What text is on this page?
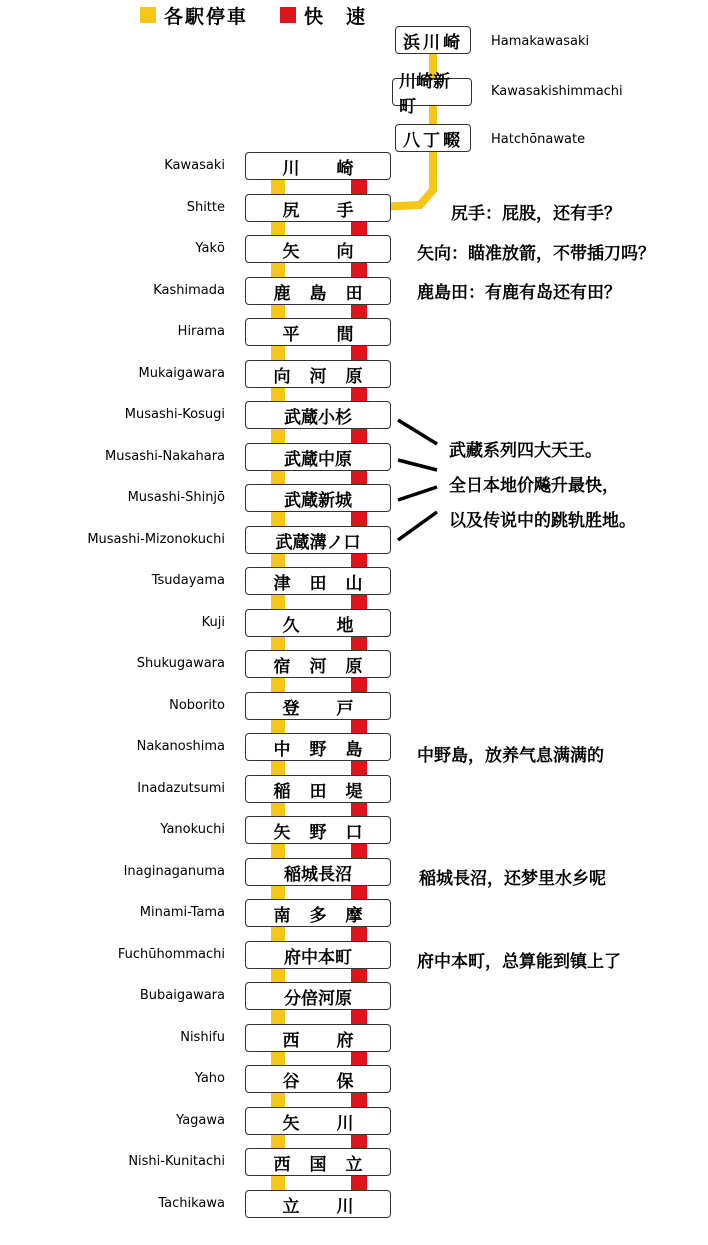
各駅停車	快　速
浜川崎	Hamakawasaki
川崎新町
Kawasakishimmachi
八丁畷	Hatchōnawate
川 崎
Kawasaki
尻 手
Shitte
矢 向
Yakō
鹿 島 田
Kashimada
平 間
Hirama
向 河 原
Mukaigawara
武蔵小杉
Musashi-Kosugi
武蔵中原
Musashi-Nakahara
武蔵新城
Musashi-Shinjō
武蔵溝ノ口
Musashi-Mizonokuchi
津 田 山
Tsudayama
久 地
Kuji
宿 河 原
Shukugawara
登 戸
Noborito
中 野 島
Nakanoshima
稲 田 堤
Inadazutsumi
矢 野 口
Yanokuchi
稲城長沼
Inaginaganuma
南 多 摩
Minami-Tama
府中本町
Fuchūhommachi
分倍河原
Bubaigawara
西 府
Nishifu
谷 保
Yaho
矢 川
Yagawa
西 国 立
Nishi-Kunitachi
立 川
Tachikawa
尻手：屁股，还有手？
矢向：瞄准放箭，不带插刀吗？
鹿島田：有鹿有岛还有田？
武藏系列四大天王。
全日本地价飚升最快，
以及传说中的跳轨胜地。
中野島，放养气息满满的
稲城長沼，还梦里水乡呢
府中本町，总算能到镇上了
